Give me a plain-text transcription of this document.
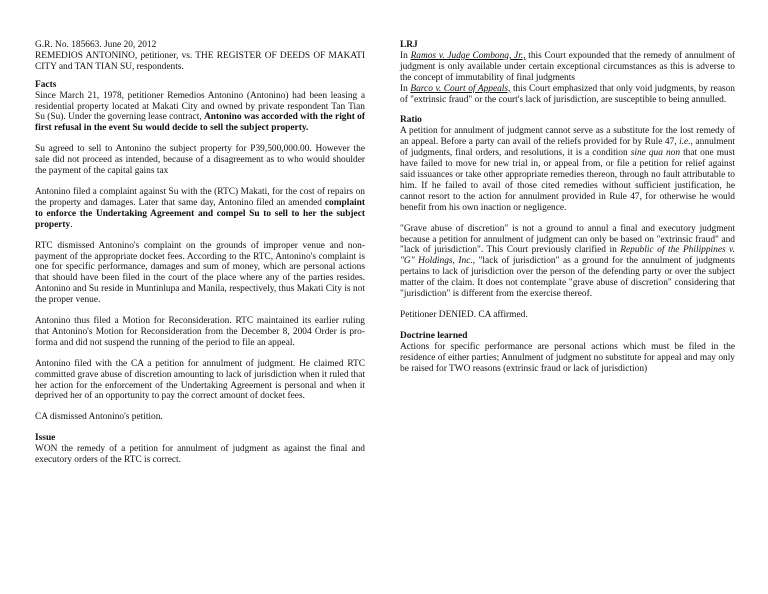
G.R. No. 185663. June 20, 2012

REMEDIOS ANTONINO, petitioner, vs. THE REGISTER OF DEEDS OF MAKATI CITY and TAN TIAN SU, respondents.

Facts

Since March 21, 1978, petitioner Remedios Antonino (Antonino) had been leasing a residential property located at Makati City and owned by private respondent Tan Tian Su (Su). Under the governing lease contract, Antonino was accorded with the right of first refusal in the event Su would decide to sell the subject property.

Su agreed to sell to Antonino the subject property for P39,500,000.00. However the sale did not proceed as intended, because of a disagreement as to who would shoulder the payment of the capital gains tax

Antonino filed a complaint against Su with the (RTC) Makati, for the cost of repairs on the property and damages. Later that same day, Antonino filed an amended complaint to enforce the Undertaking Agreement and compel Su to sell to her the subject property.

RTC dismissed Antonino's complaint on the grounds of improper venue and non-payment of the appropriate docket fees. According to the RTC, Antonino's complaint is one for specific performance, damages and sum of money, which are personal actions that should have been filed in the court of the place where any of the parties resides. Antonino and Su reside in Muntinlupa and Manila, respectively, thus Makati City is not the proper venue.

Antonino thus filed a Motion for Reconsideration. RTC maintained its earlier ruling that Antonino's Motion for Reconsideration from the December 8, 2004 Order is pro-forma and did not suspend the running of the period to file an appeal.

Antonino filed with the CA a petition for annulment of judgment. He claimed RTC committed grave abuse of discretion amounting to lack of jurisdiction when it ruled that her action for the enforcement of the Undertaking Agreement is personal and when it deprived her of an opportunity to pay the correct amount of docket fees.

CA dismissed Antonino's petition.

Issue

WON the remedy of a petition for annulment of judgment as against the final and executory orders of the RTC is correct.

LRJ

In Ramos v. Judge Combong, Jr., this Court expounded that the remedy of annulment of judgment is only available under certain exceptional circumstances as this is adverse to the concept of immutability of final judgments

In Barco v. Court of Appeals, this Court emphasized that only void judgments, by reason of "extrinsic fraud" or the court's lack of jurisdiction, are susceptible to being annulled.

Ratio

A petition for annulment of judgment cannot serve as a substitute for the lost remedy of an appeal. Before a party can avail of the reliefs provided for by Rule 47, i.e., annulment of judgments, final orders, and resolutions, it is a condition sine qua non that one must have failed to move for new trial in, or appeal from, or file a petition for relief against said issuances or take other appropriate remedies thereon, through no fault attributable to him. If he failed to avail of those cited remedies without sufficient justification, he cannot resort to the action for annulment provided in Rule 47, for otherwise he would benefit from his own inaction or negligence.

"Grave abuse of discretion" is not a ground to annul a final and executory judgment because a petition for annulment of judgment can only be based on "extrinsic fraud" and "lack of jurisdiction". This Court previously clarified in Republic of the Philippines v. "G" Holdings, Inc., "lack of jurisdiction" as a ground for the annulment of judgments pertains to lack of jurisdiction over the person of the defending party or over the subject matter of the claim. It does not contemplate "grave abuse of discretion" considering that "jurisdiction" is different from the exercise thereof.

Petitioner DENIED. CA affirmed.

Doctrine learned

Actions for specific performance are personal actions which must be filed in the residence of either parties; Annulment of judgment no substitute for appeal and may only be raised for TWO reasons (extrinsic fraud or lack of jurisdiction)
